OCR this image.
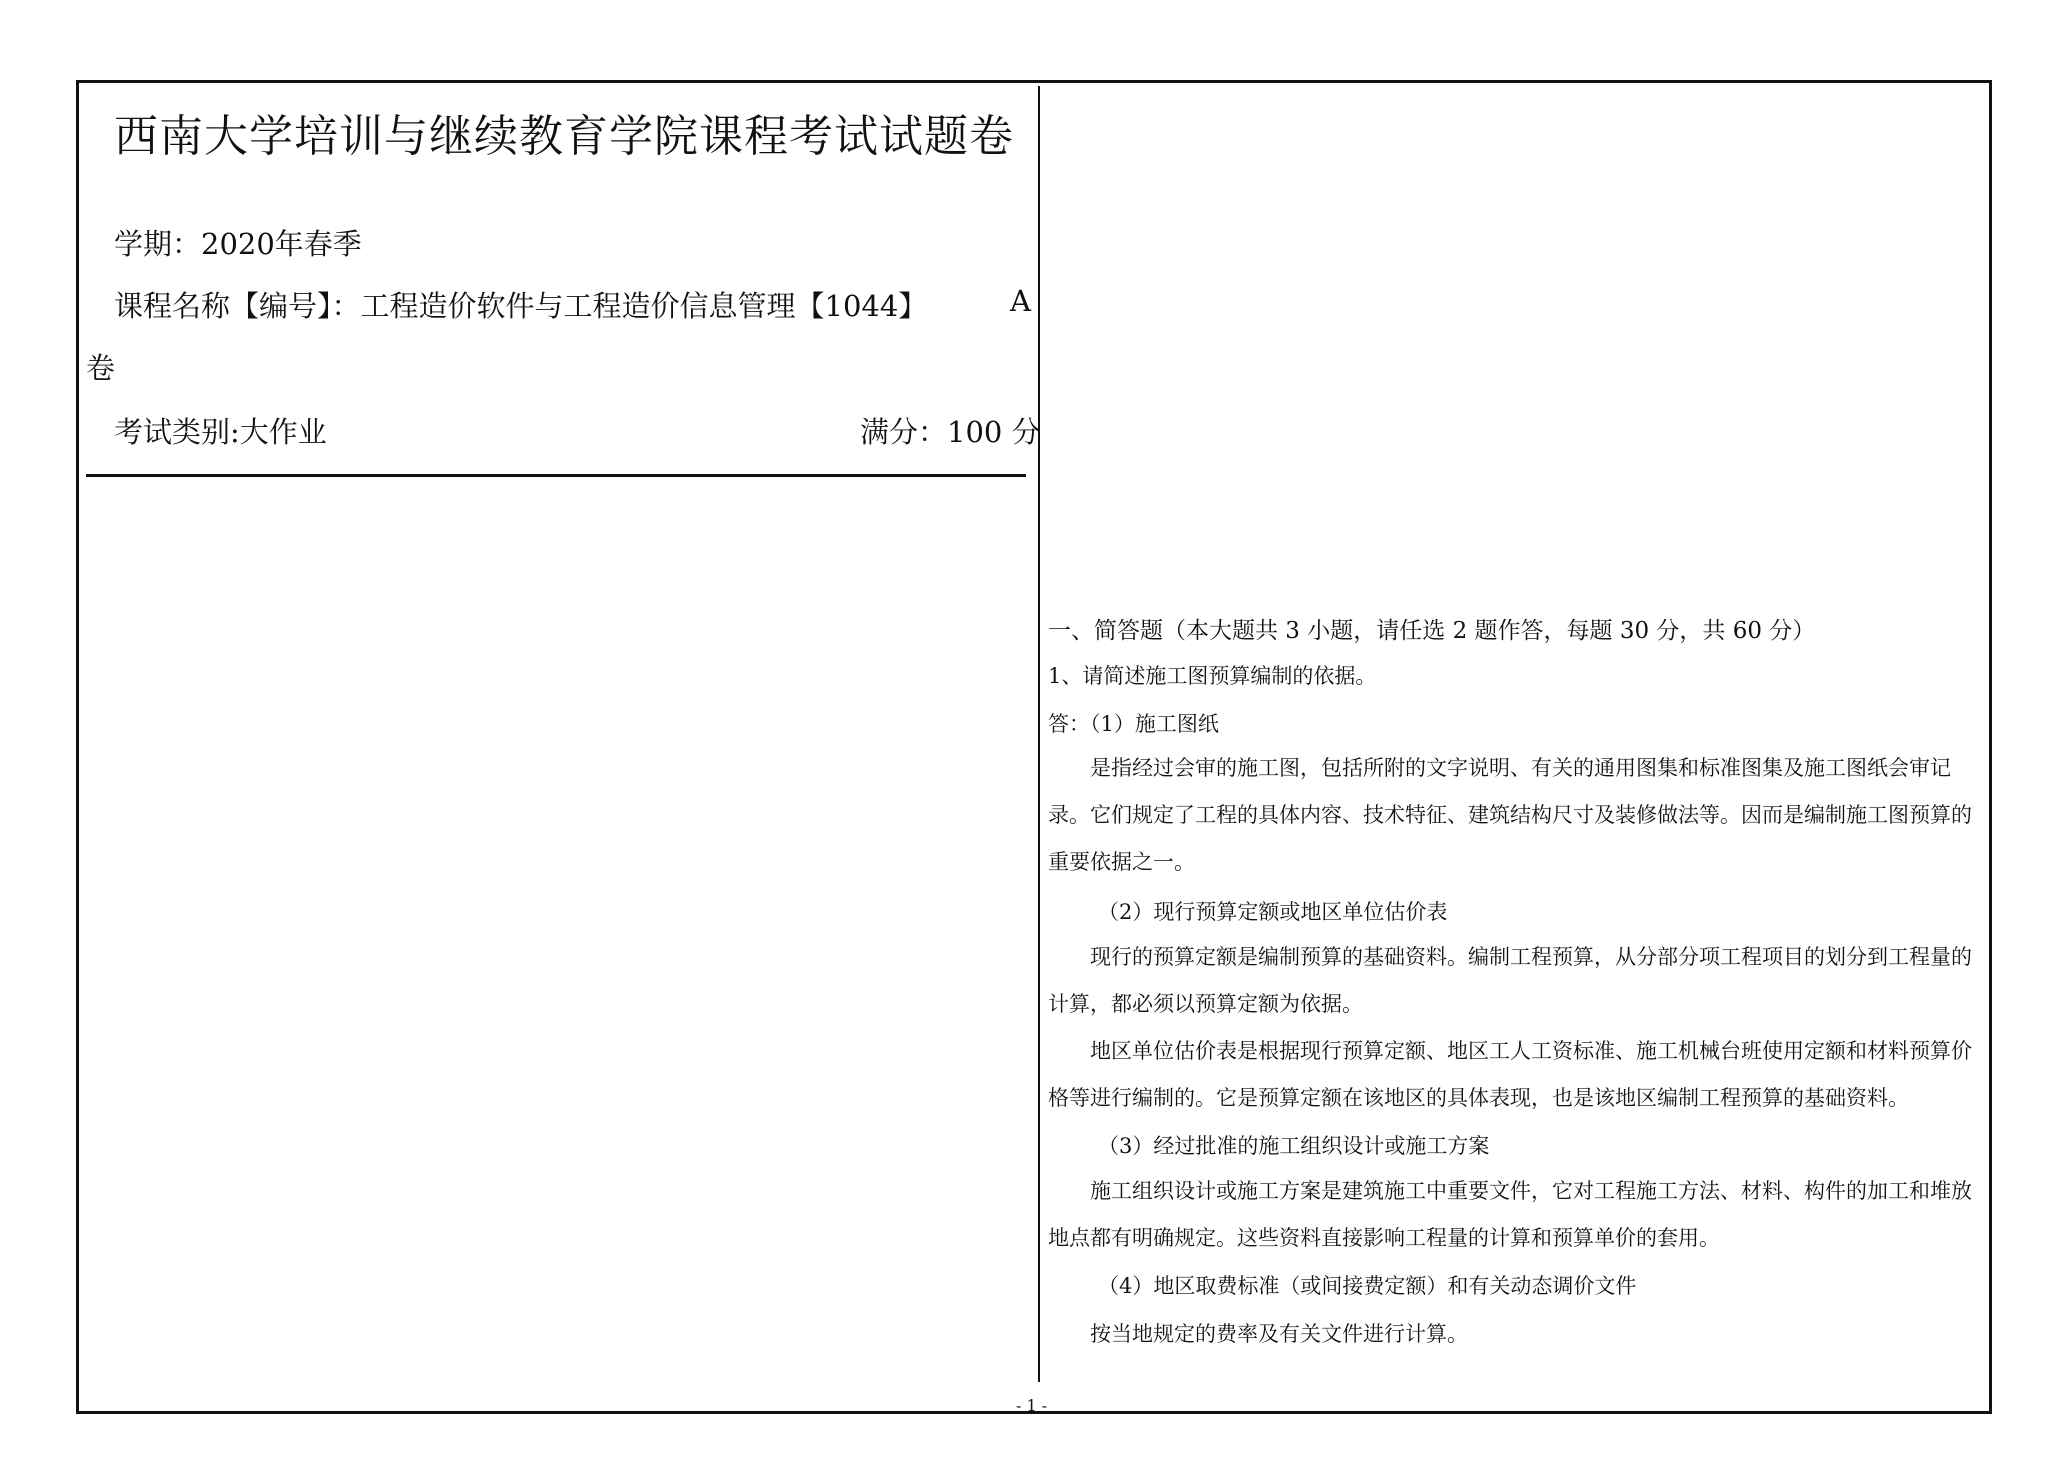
西南大学培训与继续教育学院课程考试试题卷
学期：2020年春季
课程名称【编号】：工程造价软件与工程造价信息管理【1044】	A
卷
考试类别:大作业	满分：100 分
一、简答题（本大题共 3 小题，请任选 2 题作答，每题 30 分，共 60 分）
1、请简述施工图预算编制的依据。
答：（1）施工图纸
是指经过会审的施工图，包括所附的文字说明、有关的通用图集和标准图集及施工图纸会审记录。它们规定了工程的具体内容、技术特征、建筑结构尺寸及装修做法等。因而是编制施工图预算的重要依据之一。
（2）现行预算定额或地区单位估价表
现行的预算定额是编制预算的基础资料。编制工程预算，从分部分项工程项目的划分到工程量的计算，都必须以预算定额为依据。
地区单位估价表是根据现行预算定额、地区工人工资标准、施工机械台班使用定额和材料预算价格等进行编制的。它是预算定额在该地区的具体表现，也是该地区编制工程预算的基础资料。
（3）经过批准的施工组织设计或施工方案
施工组织设计或施工方案是建筑施工中重要文件，它对工程施工方法、材料、构件的加工和堆放地点都有明确规定。这些资料直接影响工程量的计算和预算单价的套用。
（4）地区取费标准（或间接费定额）和有关动态调价文件
按当地规定的费率及有关文件进行计算。
- 1 -
